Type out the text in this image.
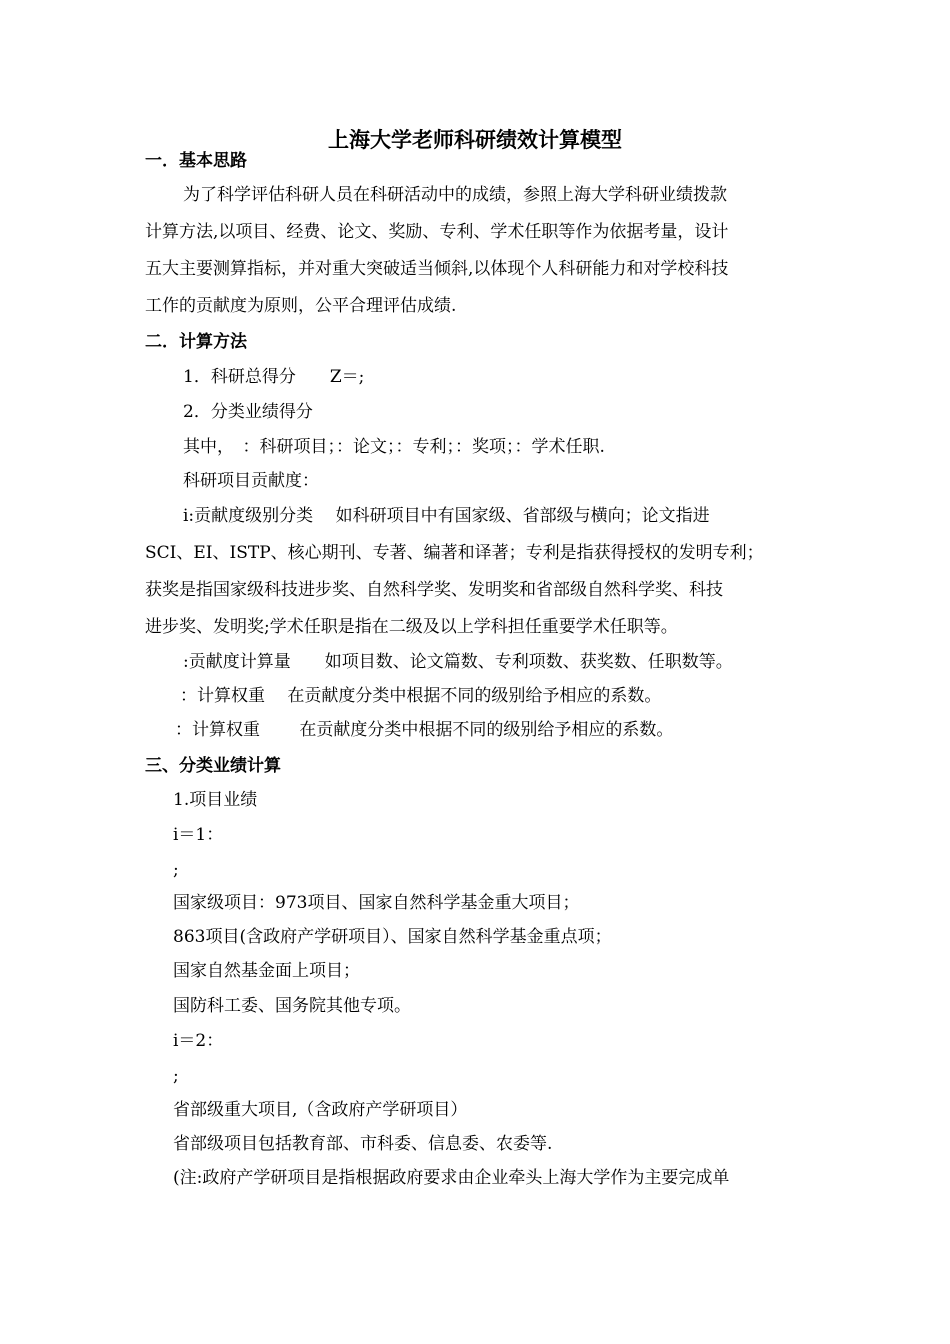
上海大学老师科研绩效计算模型
一．基本思路
为了科学评估科研人员在科研活动中的成绩，参照上海大学科研业绩拨款
计算方法,以项目、经费、论文、奖励、专利、学术任职等作为依据考量，设计
五大主要测算指标，并对重大突破适当倾斜,以体现个人科研能力和对学校科技
工作的贡献度为原则，公平合理评估成绩.
二．计算方法
1．科研总得分　　Z＝;
2．分类业绩得分
其中，　：科研项目；：论文；：专利；：奖项；：学术任职.
科研项目贡献度：
i:贡献度级别分类　 如科研项目中有国家级、省部级与横向；论文指进
SCI、EI、ISTP、核心期刊、专著、编著和译著；专利是指获得授权的发明专利；
获奖是指国家级科技进步奖、自然科学奖、发明奖和省部级自然科学奖、科技
进步奖、发明奖;学术任职是指在二级及以上学科担任重要学术任职等。
:贡献度计算量　　如项目数、论文篇数、专利项数、获奖数、任职数等。
：计算权重　 在贡献度分类中根据不同的级别给予相应的系数。
：计算权重　　 在贡献度分类中根据不同的级别给予相应的系数。
三、分类业绩计算
1.项目业绩
i＝1：
;
国家级项目：973项目、国家自然科学基金重大项目；
863项目(含政府产学研项目）、国家自然科学基金重点项；
国家自然基金面上项目；
国防科工委、国务院其他专项。
i＝2：
;
省部级重大项目,（含政府产学研项目）
省部级项目包括教育部、市科委、信息委、农委等.
(注:政府产学研项目是指根据政府要求由企业牵头上海大学作为主要完成单
